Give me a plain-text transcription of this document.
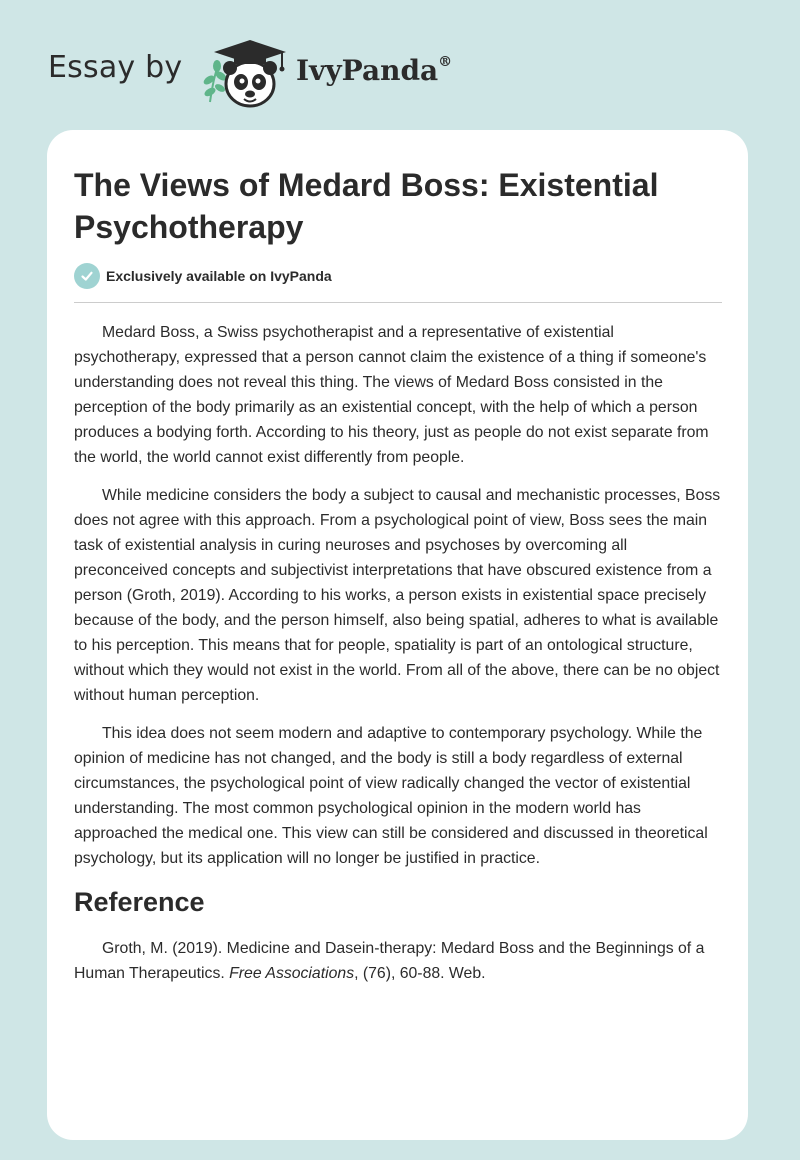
Essay by	IvyPanda®
The Views of Medard Boss: Existential Psychotherapy
Exclusively available on IvyPanda

Medard Boss, a Swiss psychotherapist and a representative of existential psychotherapy, expressed that a person cannot claim the existence of a thing if someone's understanding does not reveal this thing. The views of Medard Boss consisted in the perception of the body primarily as an existential concept, with the help of which a person produces a bodying forth. According to his theory, just as people do not exist separate from the world, the world cannot exist differently from people.

While medicine considers the body a subject to causal and mechanistic processes, Boss does not agree with this approach. From a psychological point of view, Boss sees the main task of existential analysis in curing neuroses and psychoses by overcoming all preconceived concepts and subjectivist interpretations that have obscured existence from a person (Groth, 2019). According to his works, a person exists in existential space precisely because of the body, and the person himself, also being spatial, adheres to what is available to his perception. This means that for people, spatiality is part of an ontological structure, without which they would not exist in the world. From all of the above, there can be no object without human perception.

This idea does not seem modern and adaptive to contemporary psychology. While the opinion of medicine has not changed, and the body is still a body regardless of external circumstances, the psychological point of view radically changed the vector of existential understanding. The most common psychological opinion in the modern world has approached the medical one. This view can still be considered and discussed in theoretical psychology, but its application will no longer be justified in practice.

Reference

Groth, M. (2019). Medicine and Dasein-therapy: Medard Boss and the Beginnings of a Human Therapeutics. Free Associations, (76), 60-88. Web.
